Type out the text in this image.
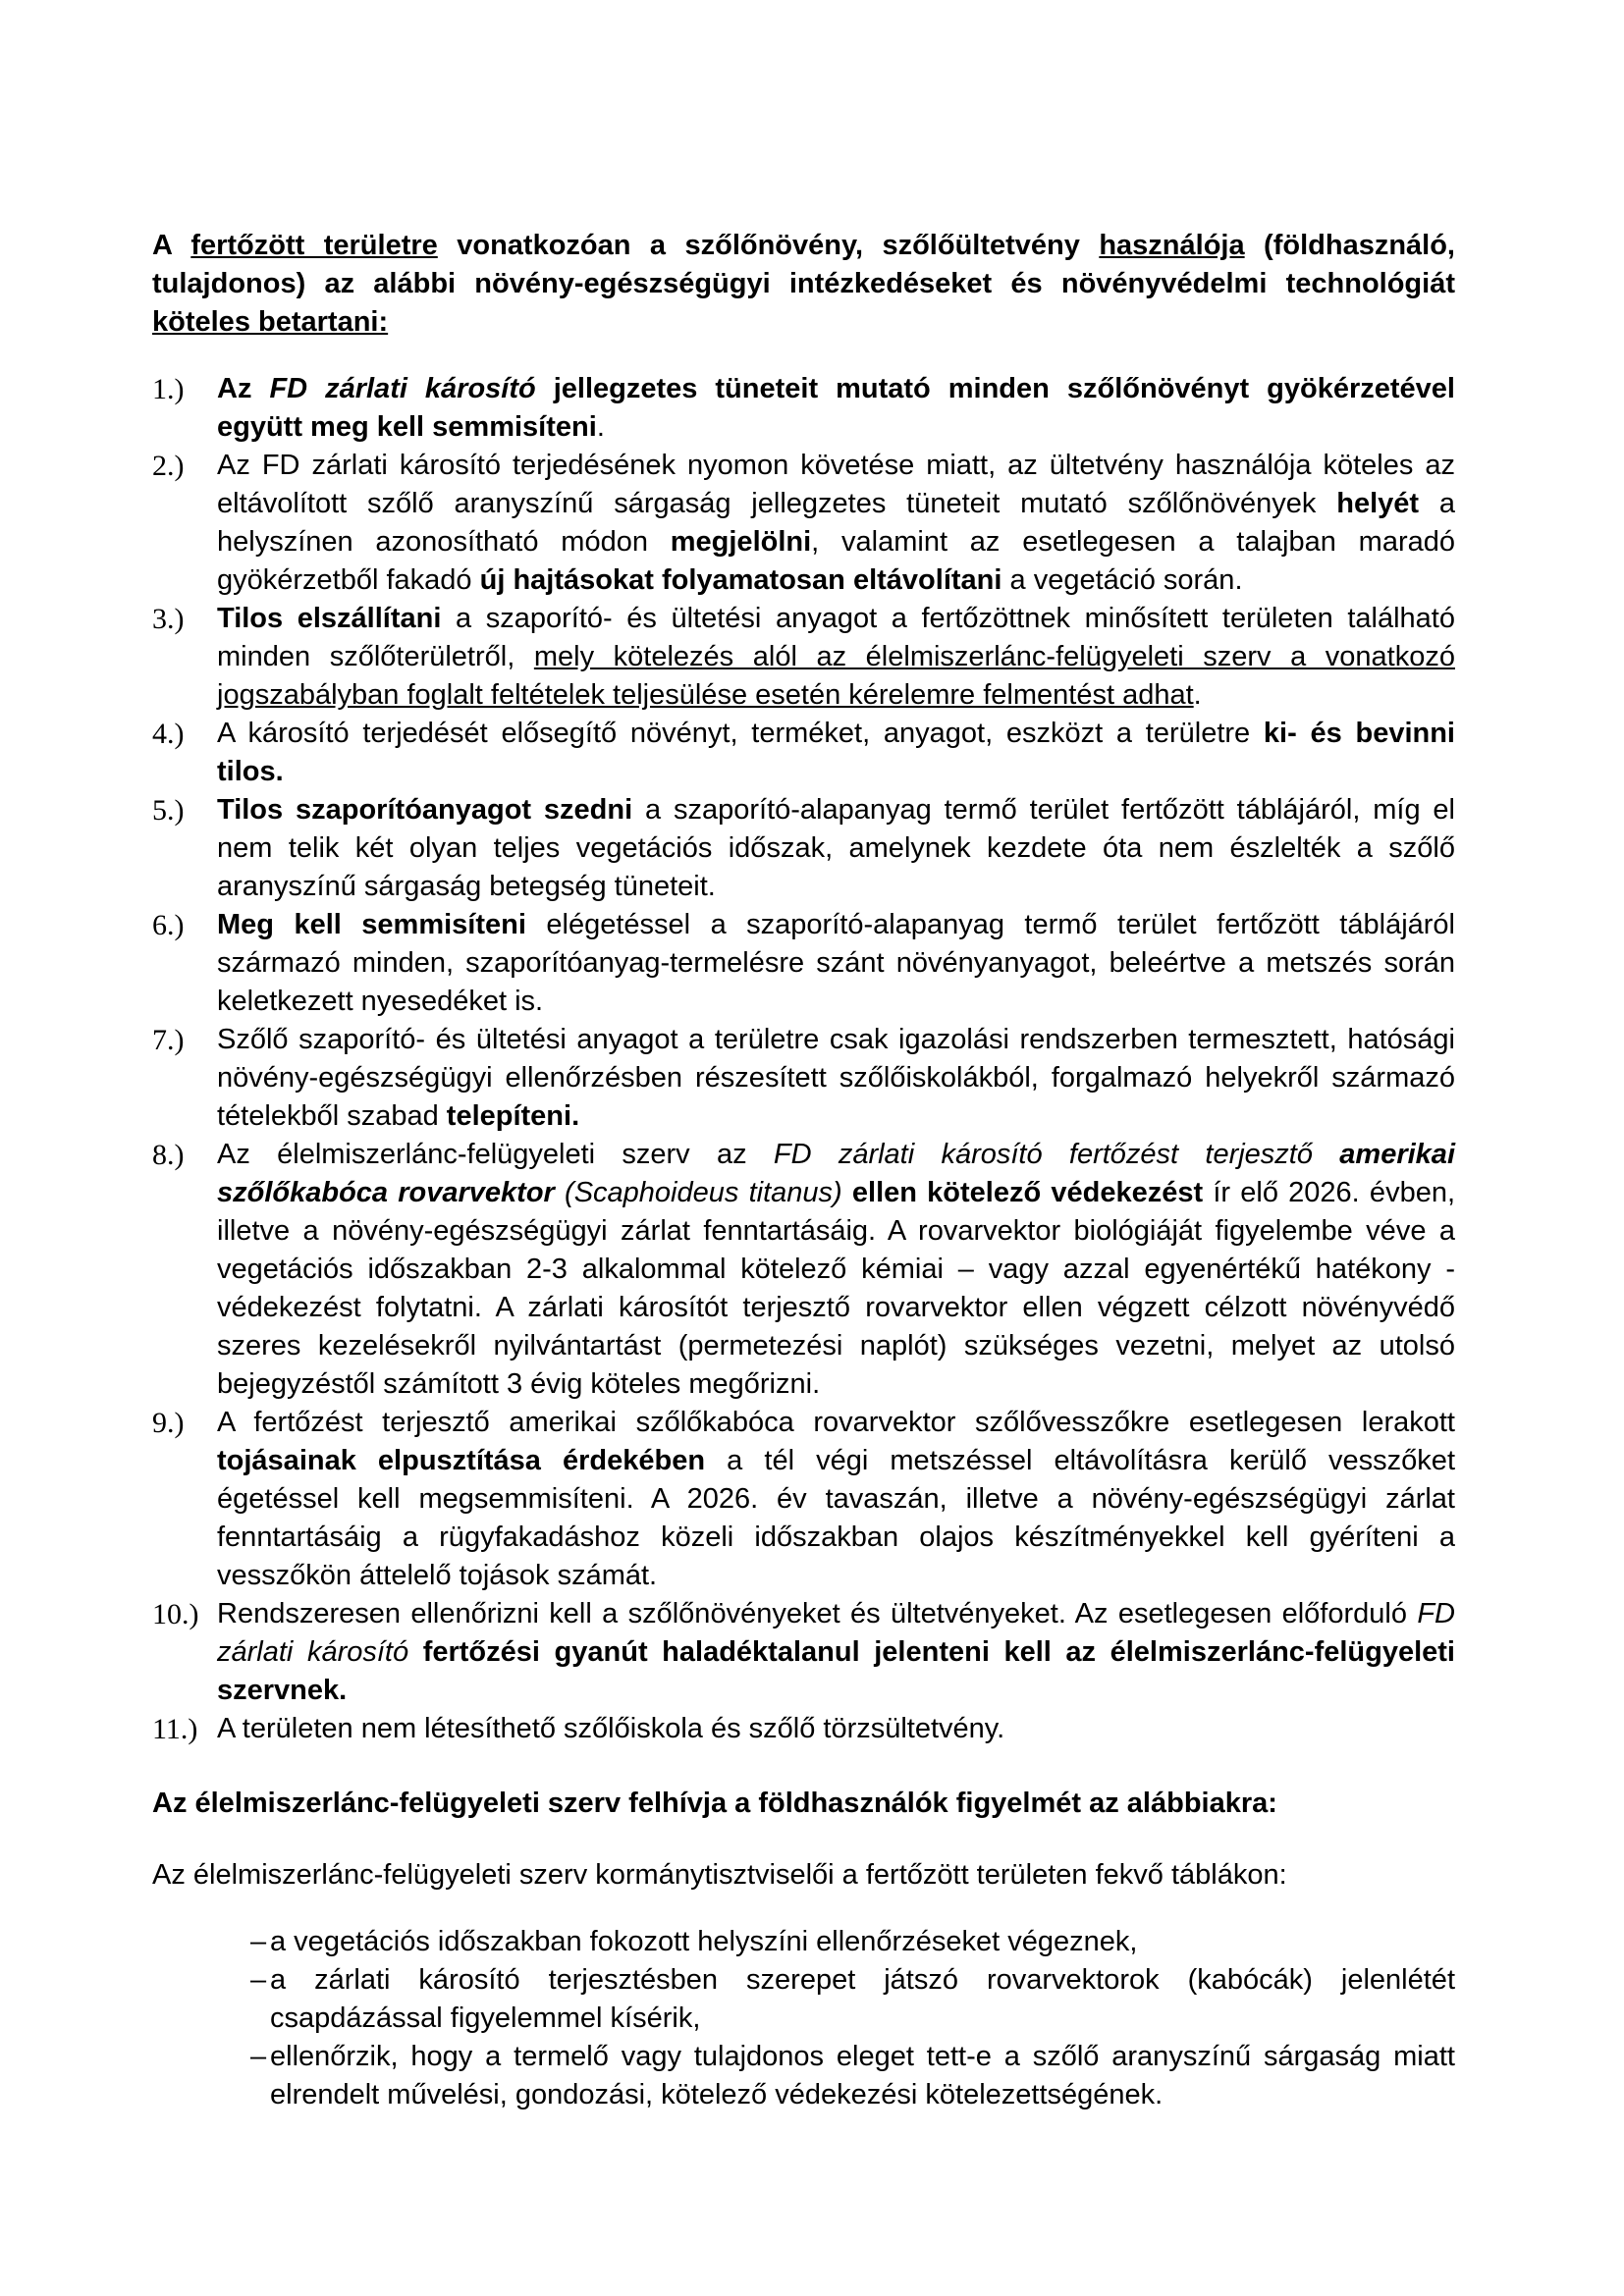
A fertőzött területre vonatkozóan a szőlőnövény, szőlőültetvény használója (földhasználó, tulajdonos) az alábbi növény-egészségügyi intézkedéseket és növényvédelmi technológiát köteles betartani:

1.) Az FD zárlati károsító jellegzetes tüneteit mutató minden szőlőnövényt gyökérzetével együtt meg kell semmisíteni.
2.) Az FD zárlati károsító terjedésének nyomon követése miatt, az ültetvény használója köteles az eltávolított szőlő aranyszínű sárgaság jellegzetes tüneteit mutató szőlőnövények helyét a helyszínen azonosítható módon megjelölni, valamint az esetlegesen a talajban maradó gyökérzetből fakadó új hajtásokat folyamatosan eltávolítani a vegetáció során.
3.) Tilos elszállítani a szaporító- és ültetési anyagot a fertőzöttnek minősített területen található minden szőlőterületről, mely kötelezés alól az élelmiszerlánc-felügyeleti szerv a vonatkozó jogszabályban foglalt feltételek teljesülése esetén kérelemre felmentést adhat.
4.) A károsító terjedését elősegítő növényt, terméket, anyagot, eszközt a területre ki- és bevinni tilos.
5.) Tilos szaporítóanyagot szedni a szaporító-alapanyag termő terület fertőzött táblájáról, míg el nem telik két olyan teljes vegetációs időszak, amelynek kezdete óta nem észlelték a szőlő aranyszínű sárgaság betegség tüneteit.
6.) Meg kell semmisíteni elégetéssel a szaporító-alapanyag termő terület fertőzött táblájáról származó minden, szaporítóanyag-termelésre szánt növényanyagot, beleértve a metszés során keletkezett nyesedéket is.
7.) Szőlő szaporító- és ültetési anyagot a területre csak igazolási rendszerben termesztett, hatósági növény-egészségügyi ellenőrzésben részesített szőlőiskolákból, forgalmazó helyekről származó tételekből szabad telepíteni.
8.) Az élelmiszerlánc-felügyeleti szerv az FD zárlati károsító fertőzést terjesztő amerikai szőlőkabóca rovarvektor (Scaphoideus titanus) ellen kötelező védekezést ír elő 2026. évben, illetve a növény-egészségügyi zárlat fenntartásáig. A rovarvektor biológiáját figyelembe véve a vegetációs időszakban 2-3 alkalommal kötelező kémiai – vagy azzal egyenértékű hatékony - védekezést folytatni. A zárlati károsítót terjesztő rovarvektor ellen végzett célzott növényvédő szeres kezelésekről nyilvántartást (permetezési naplót) szükséges vezetni, melyet az utolsó bejegyzéstől számított 3 évig köteles megőrizni.
9.) A fertőzést terjesztő amerikai szőlőkabóca rovarvektor szőlővesszőkre esetlegesen lerakott tojásainak elpusztítása érdekében a tél végi metszéssel eltávolításra kerülő vesszőket égetéssel kell megsemmisíteni. A 2026. év tavaszán, illetve a növény-egészségügyi zárlat fenntartásáig a rügyfakadáshoz közeli időszakban olajos készítményekkel kell gyéríteni a vesszőkön áttelelő tojások számát.
10.) Rendszeresen ellenőrizni kell a szőlőnövényeket és ültetvényeket. Az esetlegesen előforduló FD zárlati károsító fertőzési gyanút haladéktalanul jelenteni kell az élelmiszerlánc-felügyeleti szervnek.
11.) A területen nem létesíthető szőlőiskola és szőlő törzsültetvény.

Az élelmiszerlánc-felügyeleti szerv felhívja a földhasználók figyelmét az alábbiakra:

Az élelmiszerlánc-felügyeleti szerv kormánytisztviselői a fertőzött területen fekvő táblákon:

– a vegetációs időszakban fokozott helyszíni ellenőrzéseket végeznek,
– a zárlati károsító terjesztésben szerepet játszó rovarvektorok (kabócák) jelenlétét csapdázással figyelemmel kísérik,
– ellenőrzik, hogy a termelő vagy tulajdonos eleget tett-e a szőlő aranyszínű sárgaság miatt elrendelt művelési, gondozási, kötelező védekezési kötelezettségének.
